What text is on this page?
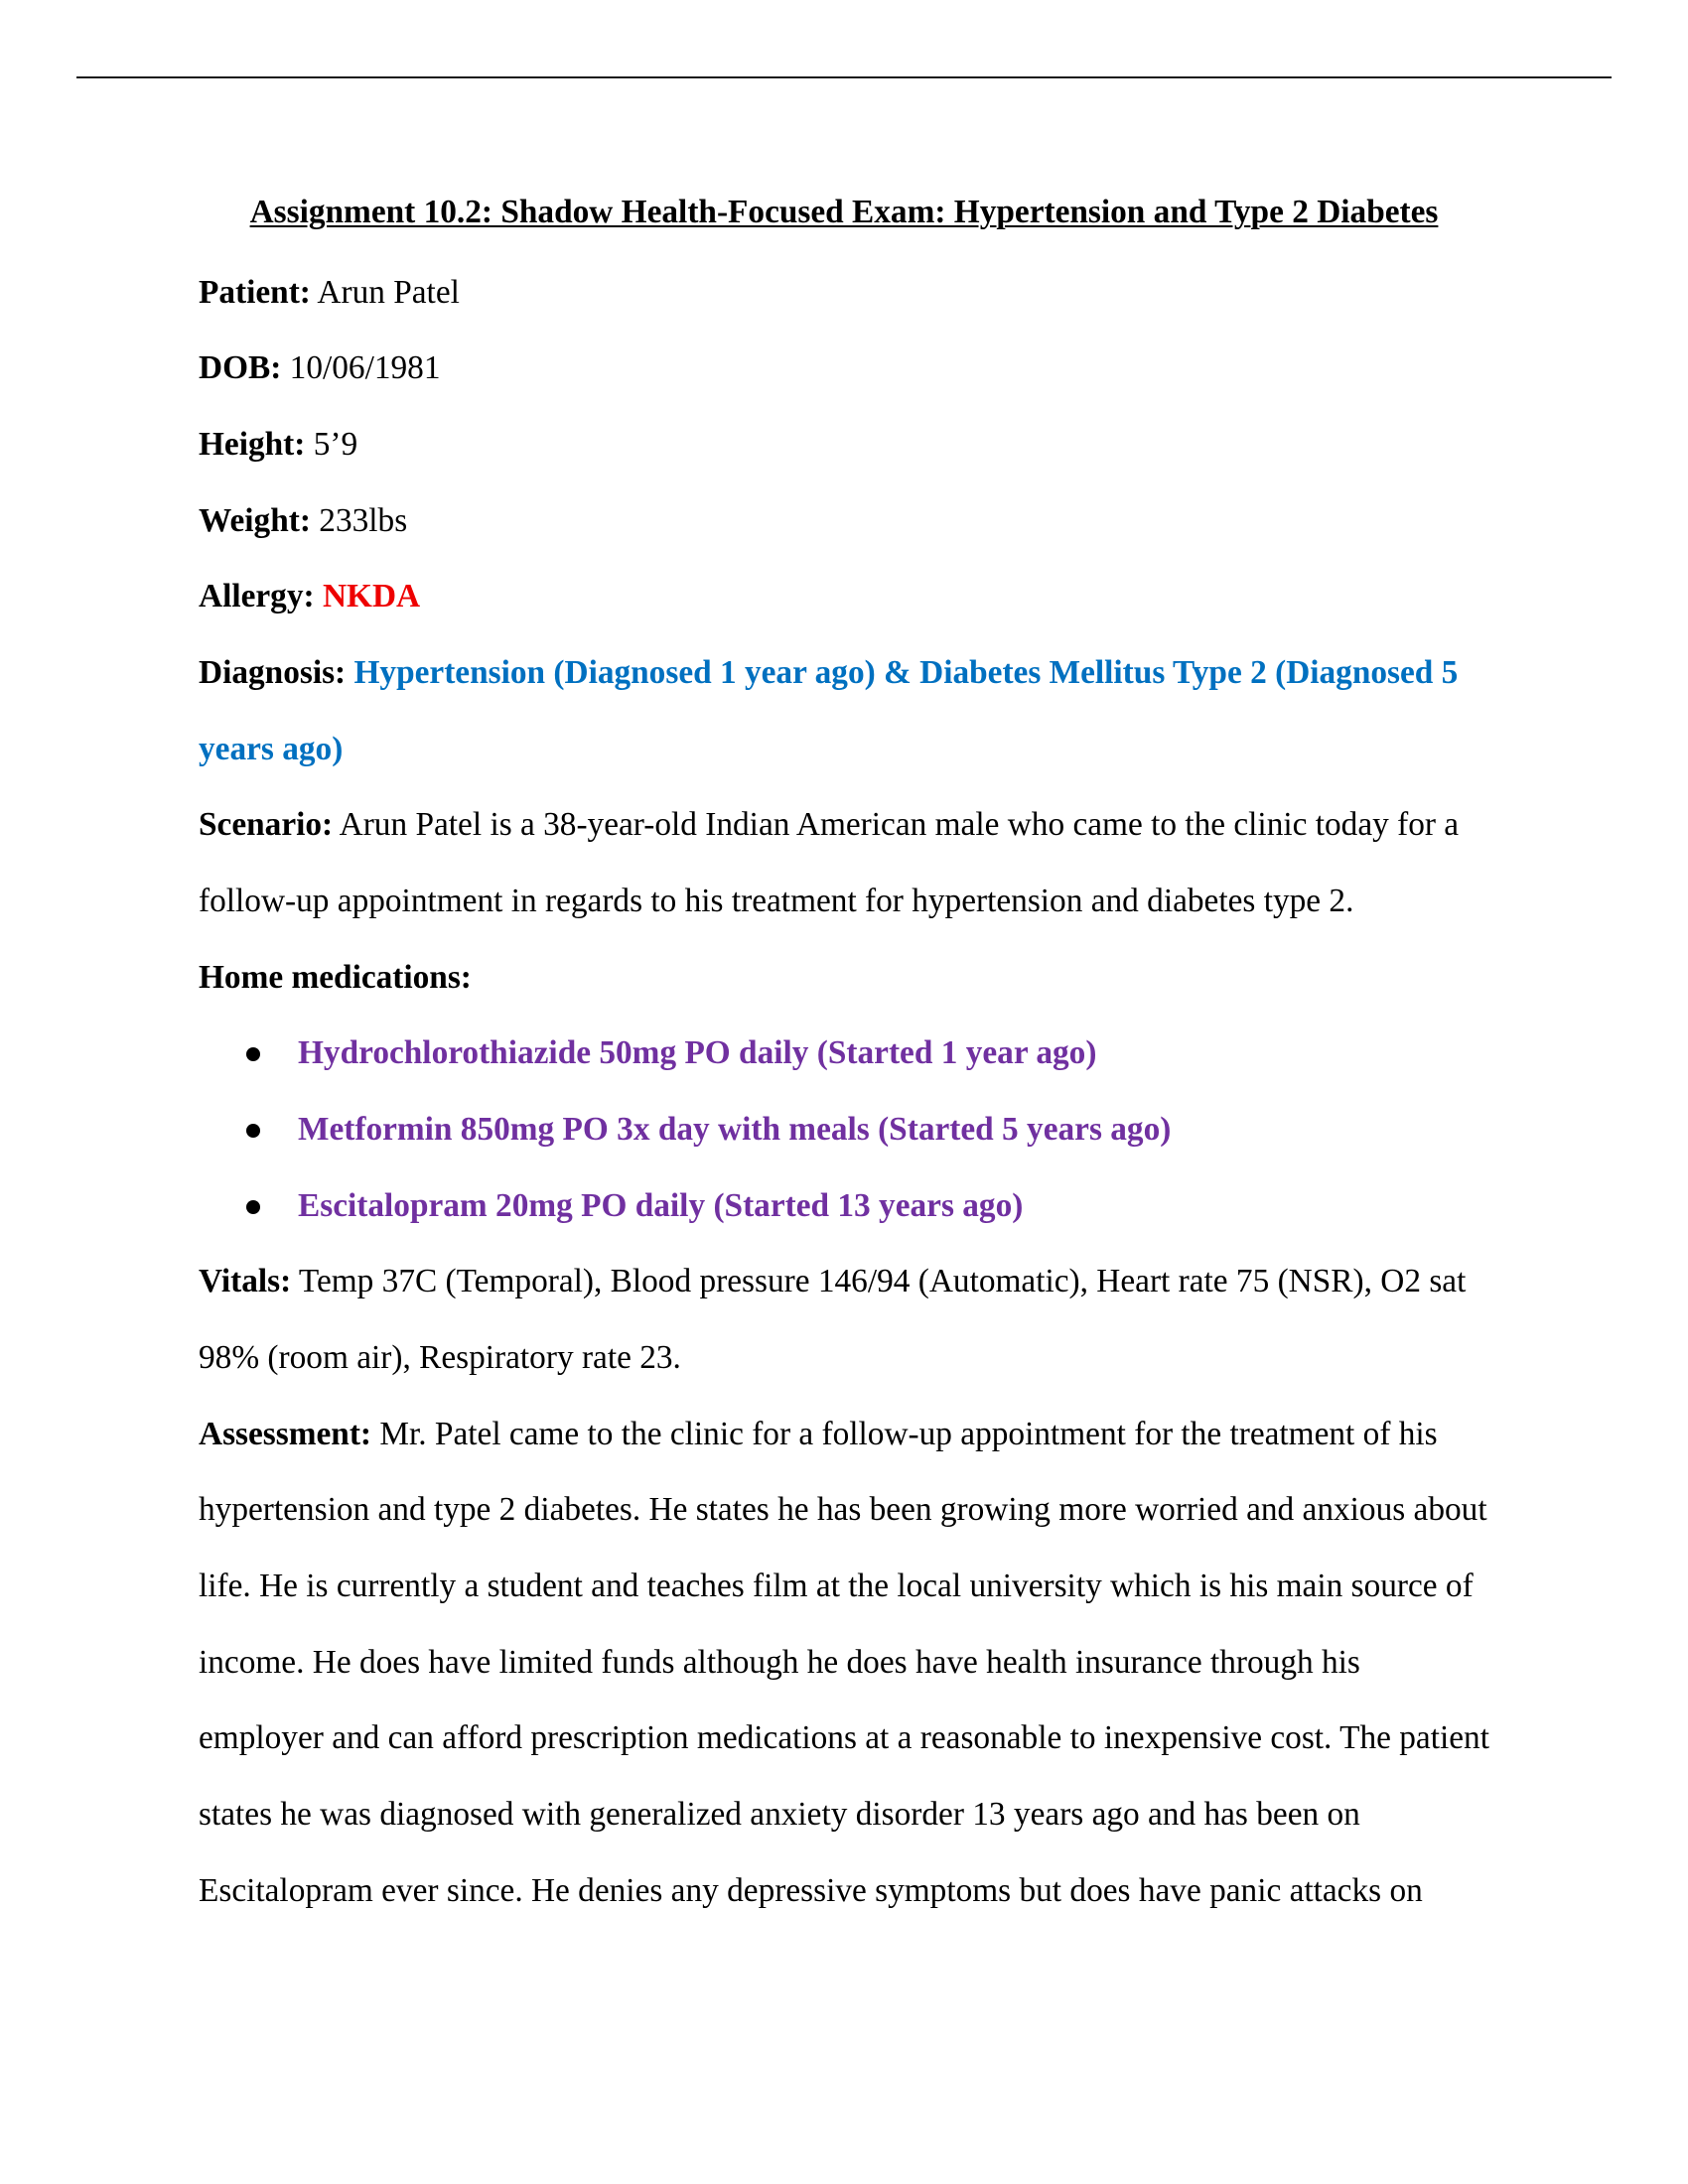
Assignment 10.2: Shadow Health-Focused Exam: Hypertension and Type 2 Diabetes

Patient: Arun Patel

DOB: 10/06/1981

Height: 5’9

Weight: 233lbs

Allergy: NKDA

Diagnosis: Hypertension (Diagnosed 1 year ago) & Diabetes Mellitus Type 2 (Diagnosed 5 years ago)

Scenario: Arun Patel is a 38-year-old Indian American male who came to the clinic today for a follow-up appointment in regards to his treatment for hypertension and diabetes type 2.

Home medications:

Hydrochlorothiazide 50mg PO daily (Started 1 year ago)
Metformin 850mg PO 3x day with meals (Started 5 years ago)
Escitalopram 20mg PO daily (Started 13 years ago)

Vitals: Temp 37C (Temporal), Blood pressure 146/94 (Automatic), Heart rate 75 (NSR), O2 sat 98% (room air), Respiratory rate 23.

Assessment: Mr. Patel came to the clinic for a follow-up appointment for the treatment of his hypertension and type 2 diabetes. He states he has been growing more worried and anxious about life. He is currently a student and teaches film at the local university which is his main source of income. He does have limited funds although he does have health insurance through his employer and can afford prescription medications at a reasonable to inexpensive cost. The patient states he was diagnosed with generalized anxiety disorder 13 years ago and has been on Escitalopram ever since. He denies any depressive symptoms but does have panic attacks on
